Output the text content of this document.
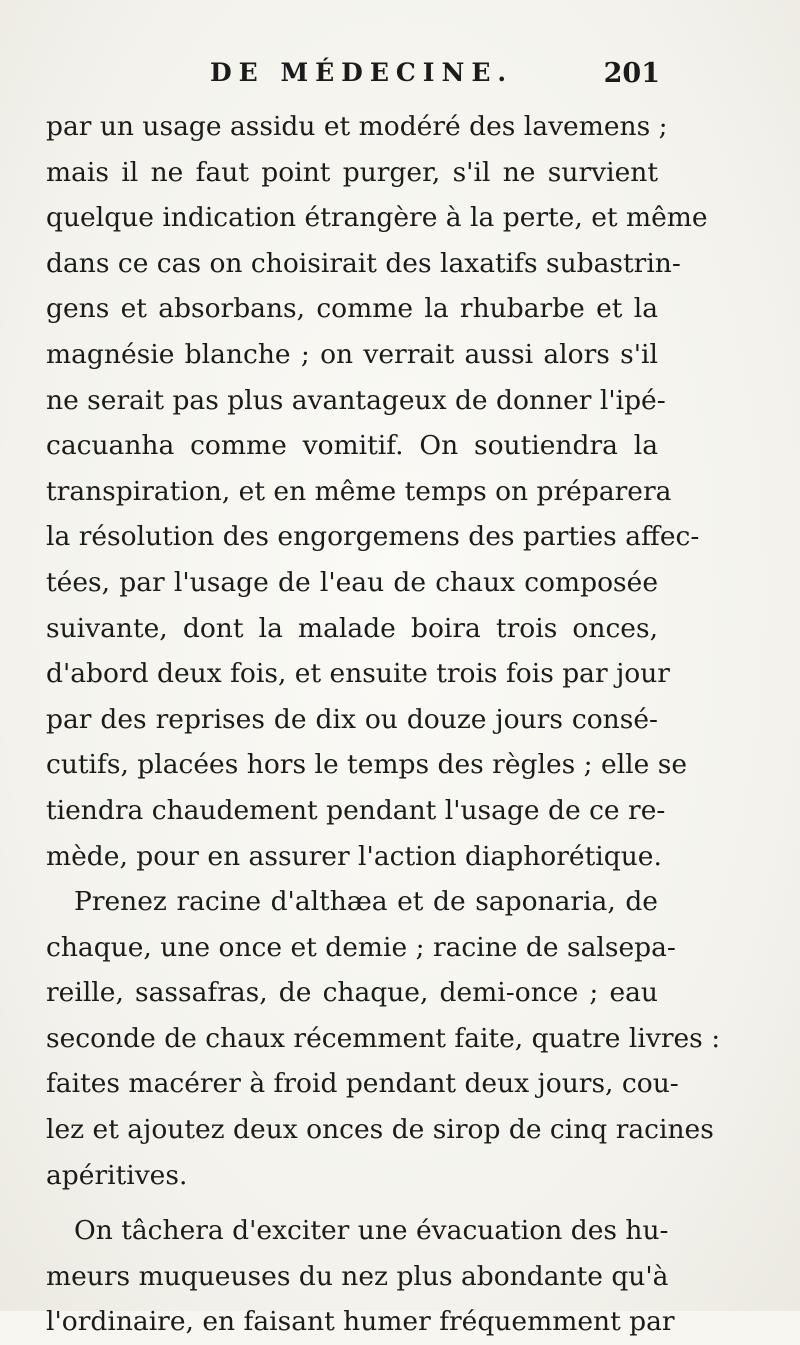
DE MÉDECINE.	201
par un usage assidu et modéré des lavemens ;
mais il ne faut point purger, s'il ne survient
quelque indication étrangère à la perte, et même
dans ce cas on choisirait des laxatifs subastrin-
gens et absorbans, comme la rhubarbe et la
magnésie blanche ; on verrait aussi alors s'il
ne serait pas plus avantageux de donner l'ipé-
cacuanha comme vomitif. On soutiendra la
transpiration, et en même temps on préparera
la résolution des engorgemens des parties affec-
tées, par l'usage de l'eau de chaux composée
suivante, dont la malade boira trois onces,
d'abord deux fois, et ensuite trois fois par jour
par des reprises de dix ou douze jours consé-
cutifs, placées hors le temps des règles ; elle se
tiendra chaudement pendant l'usage de ce re-
mède, pour en assurer l'action diaphorétique.
Prenez racine d'althæa et de saponaria, de
chaque, une once et demie ; racine de salsepa-
reille, sassafras, de chaque, demi-once ; eau
seconde de chaux récemment faite, quatre livres :
faites macérer à froid pendant deux jours, cou-
lez et ajoutez deux onces de sirop de cinq racines
apéritives.
On tâchera d'exciter une évacuation des hu-
meurs muqueuses du nez plus abondante qu'à
l'ordinaire, en faisant humer fréquemment par
